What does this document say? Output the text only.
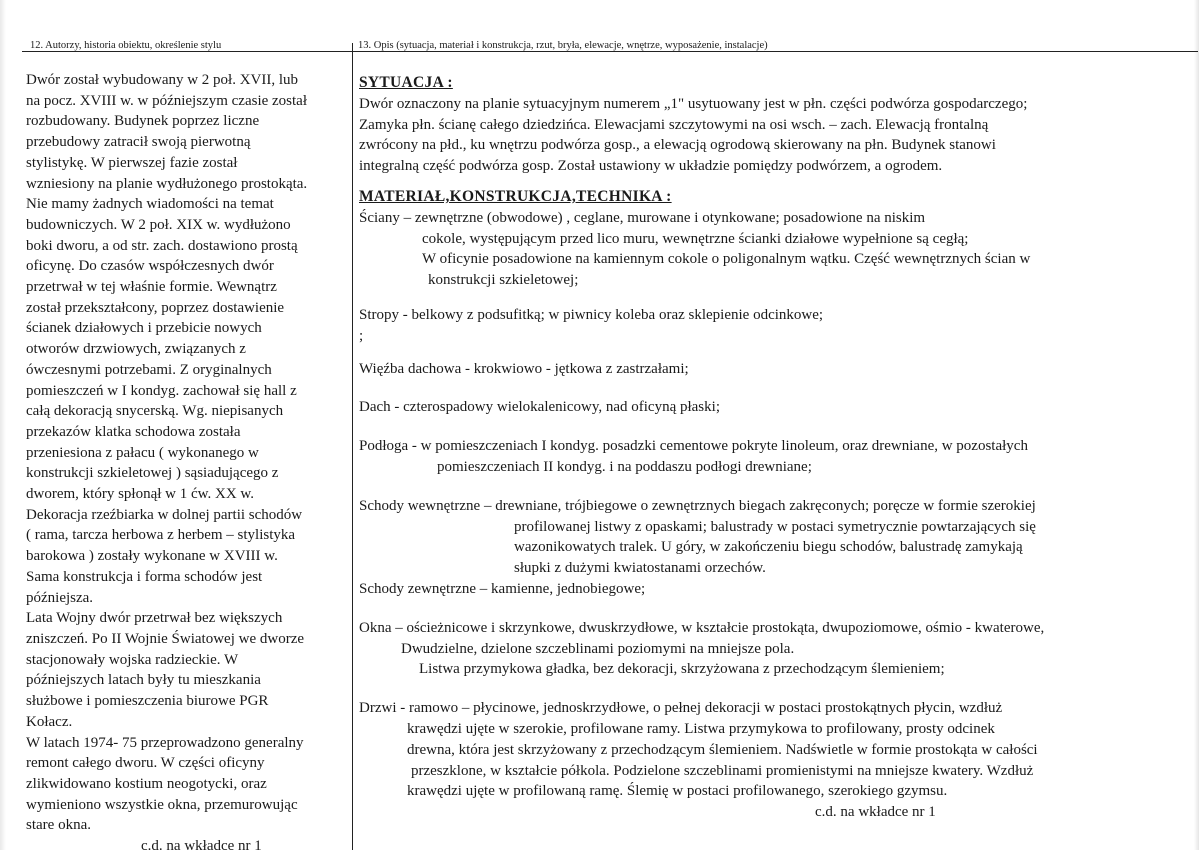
12. Autorzy, historia obiektu, określenie stylu	13. Opis (sytuacja, materiał i konstrukcja, rzut, bryła, elewacje, wnętrze, wyposażenie, instalacje)
Dwór został wybudowany w 2 poł. XVII, lub
na pocz. XVIII w. w późniejszym czasie został
rozbudowany. Budynek poprzez liczne
przebudowy zatracił swoją pierwotną
stylistykę. W pierwszej fazie został
wzniesiony na planie wydłużonego prostokąta.
Nie mamy żadnych wiadomości na temat
budowniczych. W 2 poł. XIX w. wydłużono
boki dworu, a od str. zach. dostawiono prostą
oficynę. Do czasów współczesnych dwór
przetrwał w tej właśnie formie. Wewnątrz
został przekształcony, poprzez dostawienie
ścianek działowych i przebicie nowych
otworów drzwiowych, związanych z
ówczesnymi potrzebami. Z oryginalnych
pomieszczeń w I kondyg. zachował się hall z
całą dekoracją snycerską. Wg. niepisanych
przekazów klatka schodowa została
przeniesiona z pałacu ( wykonanego w
konstrukcji szkieletowej ) sąsiadującego z
dworem, który spłonął w 1 ćw. XX w.
Dekoracja rzeźbiarka w dolnej partii schodów
( rama, tarcza herbowa z herbem – stylistyka
barokowa ) zostały wykonane w XVIII w.
Sama konstrukcja i forma schodów jest
późniejsza.
Lata Wojny dwór przetrwał bez większych
zniszczeń. Po II Wojnie Światowej we dworze
stacjonowały wojska radzieckie. W
późniejszych latach były tu mieszkania
służbowe i pomieszczenia biurowe PGR
Kołacz.
W latach 1974- 75 przeprowadzono generalny
remont całego dworu. W części oficyny
zlikwidowano kostium neogotycki, oraz
wymieniono wszystkie okna, przemurowując
stare okna.
c.d. na wkładce nr 1
SYTUACJA :
Dwór oznaczony na planie sytuacyjnym numerem „1" usytuowany jest w płn. części podwórza gospodarczego;
Zamyka płn. ścianę całego dziedzińca. Elewacjami szczytowymi na osi wsch. – zach. Elewacją frontalną
zwrócony na płd., ku wnętrzu podwórza gosp., a elewacją ogrodową skierowany na płn. Budynek stanowi
integralną część podwórza gosp. Został ustawiony w układzie pomiędzy podwórzem, a ogrodem.
MATERIAŁ,KONSTRUKCJA,TECHNIKA :
Ściany – zewnętrzne (obwodowe) , ceglane, murowane i otynkowane; posadowione na niskim
cokole, występującym przed lico muru, wewnętrzne ścianki działowe wypełnione są cegłą;
W oficynie posadowione na kamiennym cokole o poligonalnym wątku. Część wewnętrznych ścian w
konstrukcji szkieletowej;
Stropy - belkowy z podsufitką; w piwnicy koleba oraz sklepienie odcinkowe;
;
Więźba dachowa - krokwiowo - jętkowa z zastrzałami;
Dach - czterospadowy wielokalenicowy, nad oficyną płaski;
Podłoga - w pomieszczeniach I kondyg. posadzki cementowe pokryte linoleum, oraz drewniane, w pozostałych
pomieszczeniach II kondyg. i na poddaszu podłogi drewniane;
Schody wewnętrzne – drewniane, trójbiegowe o zewnętrznych biegach zakręconych; poręcze w formie szerokiej
profilowanej listwy z opaskami; balustrady w postaci symetrycznie powtarzających się
wazonikowatych tralek. U góry, w zakończeniu biegu schodów, balustradę zamykają
słupki z dużymi kwiatostanami orzechów.
Schody zewnętrzne – kamienne, jednobiegowe;
Okna – ościeżnicowe i skrzynkowe, dwuskrzydłowe, w kształcie prostokąta, dwupoziomowe, ośmio - kwaterowe,
Dwudzielne, dzielone szczeblinami poziomymi na mniejsze pola.
Listwa przymykowa gładka, bez dekoracji, skrzyżowana z przechodzącym ślemieniem;
Drzwi - ramowo – płycinowe, jednoskrzydłowe, o pełnej dekoracji w postaci prostokątnych płycin, wzdłuż
krawędzi ujęte w szerokie, profilowane ramy. Listwa przymykowa to profilowany, prosty odcinek
drewna, która jest skrzyżowany z przechodzącym ślemieniem. Nadświetle w formie prostokąta w całości
przeszklone, w kształcie półkola. Podzielone szczeblinami promienistymi na mniejsze kwatery. Wzdłuż
krawędzi ujęte w profilowaną ramę. Ślemię w postaci profilowanego, szerokiego gzymsu.
c.d. na wkładce nr 1
